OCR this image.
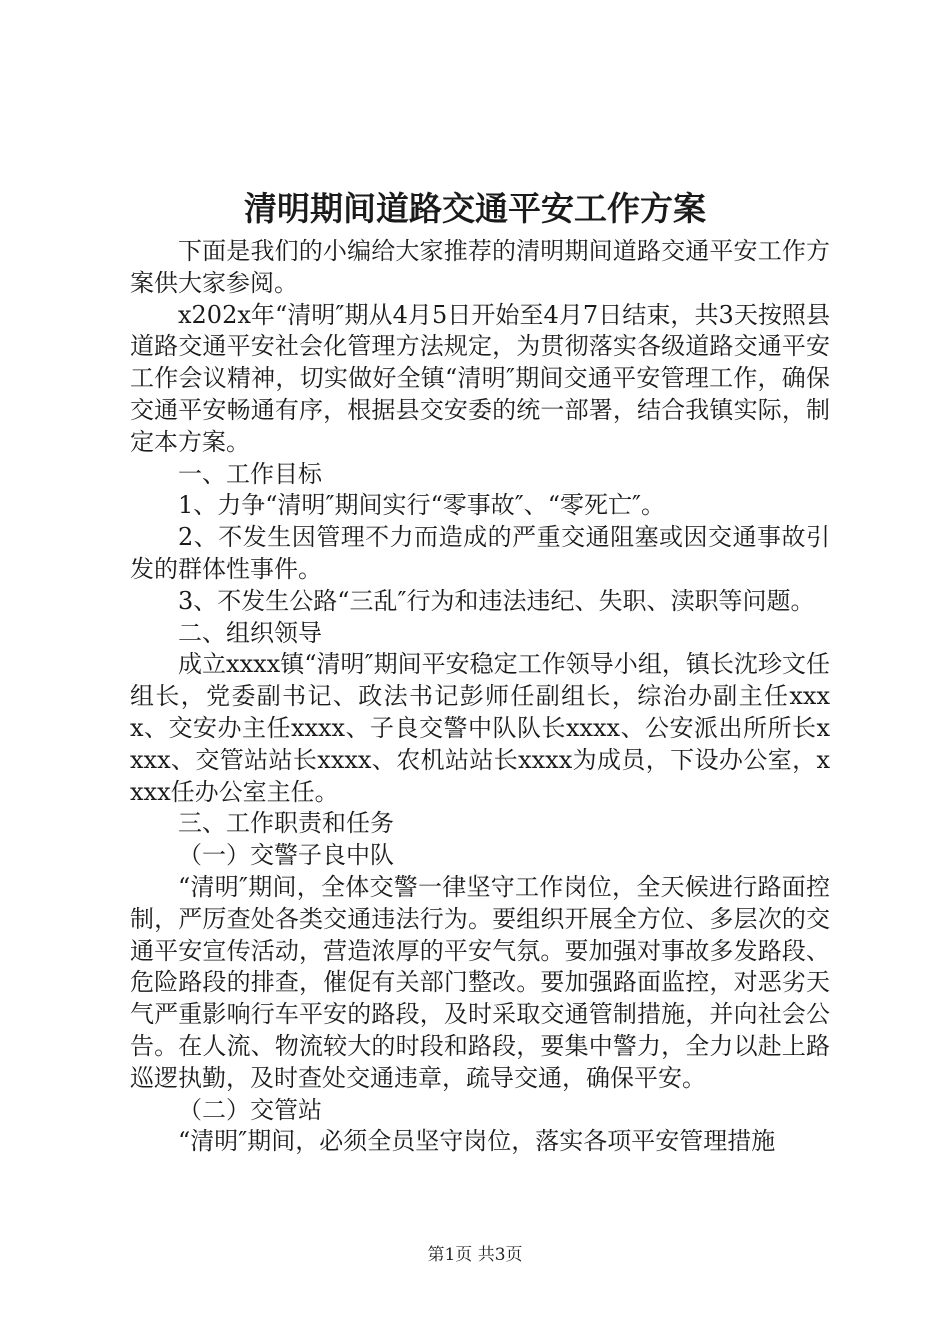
清明期间道路交通平安工作方案

下面是我们的小编给大家推荐的清明期间道路交通平安工作方案供大家参阅。

x202x年“清明″期从4月5日开始至4月7日结束，共3天按照县道路交通平安社会化管理方法规定，为贯彻落实各级道路交通平安工作会议精神，切实做好全镇“清明″期间交通平安管理工作，确保交通平安畅通有序，根据县交安委的统一部署，结合我镇实际，制定本方案。

一、工作目标

1、力争“清明″期间实行“零事故″、“零死亡″。

2、不发生因管理不力而造成的严重交通阻塞或因交通事故引发的群体性事件。

3、不发生公路“三乱″行为和违法违纪、失职、渎职等问题。

二、组织领导

成立xxxx镇“清明″期间平安稳定工作领导小组，镇长沈珍文任组长，党委副书记、政法书记彭师任副组长，综治办副主任xxxx、交安办主任xxxx、子良交警中队队长xxxx、公安派出所所长xxxx、交管站站长xxxx、农机站站长xxxx为成员，下设办公室，xxxx任办公室主任。

三、工作职责和任务

（一）交警子良中队

“清明″期间，全体交警一律坚守工作岗位，全天候进行路面控制，严厉查处各类交通违法行为。要组织开展全方位、多层次的交通平安宣传活动，营造浓厚的平安气氛。要加强对事故多发路段、危险路段的排查，催促有关部门整改。要加强路面监控，对恶劣天气严重影响行车平安的路段，及时采取交通管制措施，并向社会公告。在人流、物流较大的时段和路段，要集中警力，全力以赴上路巡逻执勤，及时查处交通违章，疏导交通，确保平安。

（二）交管站

“清明″期间，必须全员坚守岗位，落实各项平安管理措施

第1页 共3页
